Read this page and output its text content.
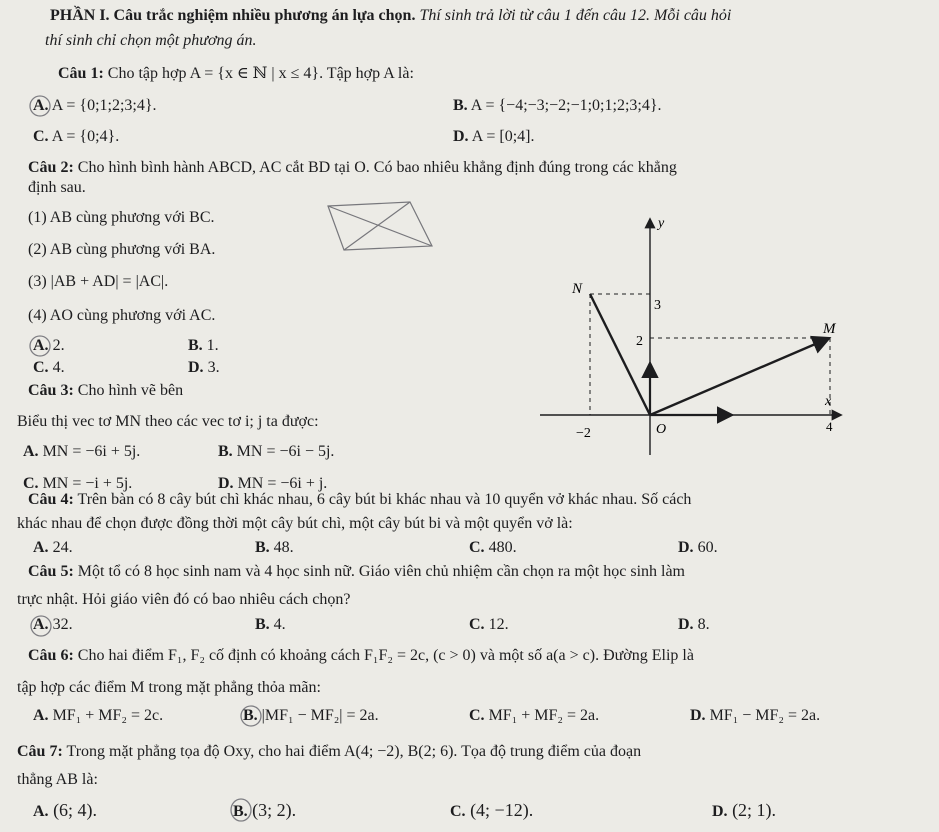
PHẦN I. Câu trắc nghiệm nhiều phương án lựa chọn. Thí sinh trả lời từ câu 1 đến câu 12. Mỗi câu hỏi
thí sinh chỉ chọn một phương án.
Câu 1: Cho tập hợp A = {x ∈ ℕ | x ≤ 4}. Tập hợp A là:
A. A = {0;1;2;3;4}.	B. A = {−4;−3;−2;−1;0;1;2;3;4}.
C. A = {0;4}.	D. A = [0;4].
Câu 2: Cho hình bình hành ABCD, AC cắt BD tại O. Có bao nhiêu khẳng định đúng trong các khẳng
định sau.
(1) AB cùng phương với BC.
(2) AB cùng phương với BA.
(3) |AB + AD| = |AC|.
(4) AO cùng phương với AC.
A. 2.	B. 1.
C. 4.	D. 3.
Câu 3: Cho hình vẽ bên
Biểu thị vec tơ MN theo các vec tơ i; j ta được:
A. MN = −6i + 5j.	B. MN = −6i − 5j.
C. MN = −i + 5j.	D. MN = −6i + j.
y
x
N
M
O
3
2
−2	4
Câu 4: Trên bàn có 8 cây bút chì khác nhau, 6 cây bút bi khác nhau và 10 quyển vở khác nhau. Số cách
khác nhau để chọn được đồng thời một cây bút chì, một cây bút bi và một quyển vở là:
A. 24.	B. 48.	C. 480.	D. 60.
Câu 5: Một tổ có 8 học sinh nam và 4 học sinh nữ. Giáo viên chủ nhiệm cần chọn ra một học sinh làm
trực nhật. Hỏi giáo viên đó có bao nhiêu cách chọn?
A. 32.	B. 4.	C. 12.	D. 8.
Câu 6: Cho hai điểm F₁, F₂ cố định có khoảng cách F₁F₂ = 2c, (c > 0) và một số a(a > c). Đường Elip là
tập hợp các điểm M trong mặt phẳng thỏa mãn:
A. MF₁ + MF₂ = 2c.	B. |MF₁ − MF₂| = 2a.	C. MF₁ + MF₂ = 2a.	D. MF₁ − MF₂ = 2a.
Câu 7: Trong mặt phẳng tọa độ Oxy, cho hai điểm A(4; −2), B(2; 6). Tọa độ trung điểm của đoạn
thẳng AB là:
A. (6; 4).	B. (3; 2).	C. (4; −12).	D. (2; 1).
